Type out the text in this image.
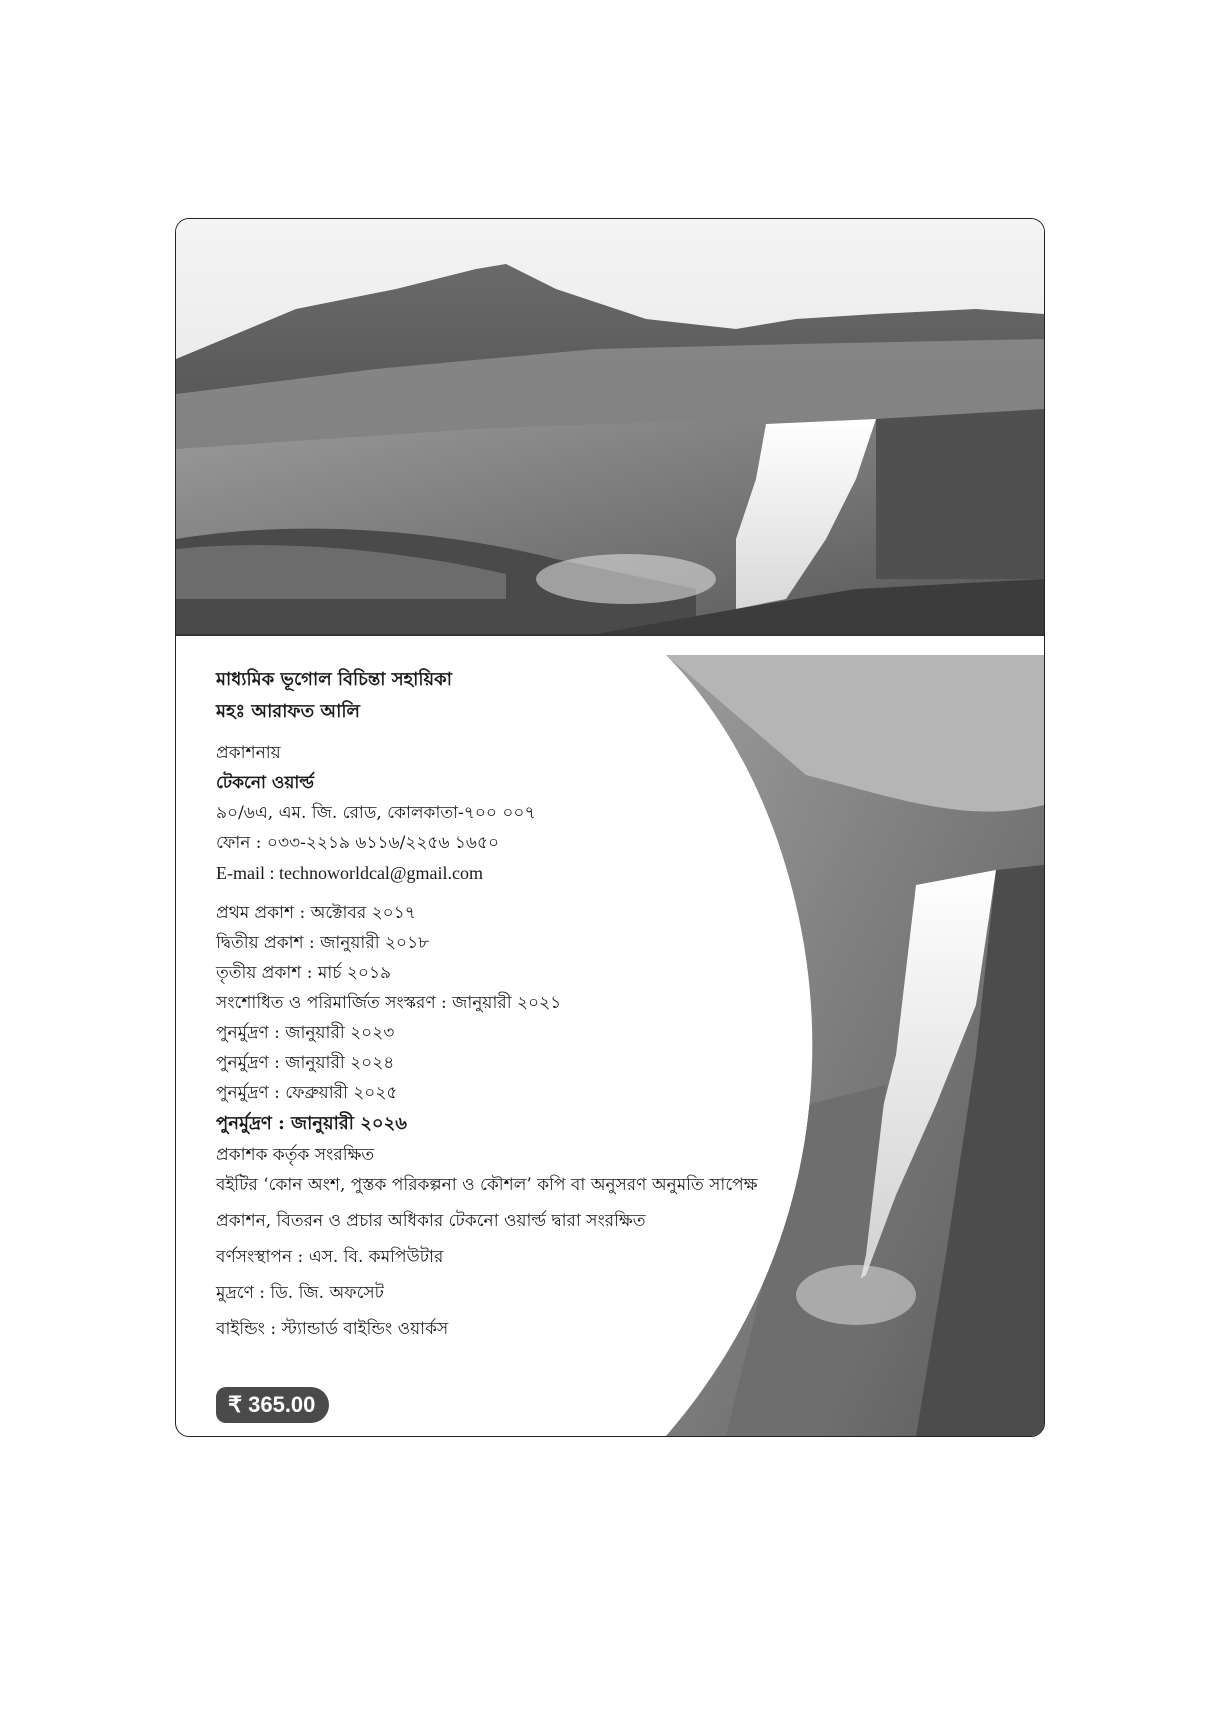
মাধ্যমিক ভূগোল বিচিন্তা সহায়িকা
মহঃ আরাফত আলি
প্রকাশনায়
টেকনো ওয়ার্ল্ড
৯০/৬এ, এম. জি. রোড, কোলকাতা-৭০০ ০০৭
ফোন : ০৩৩-২২১৯ ৬১১৬/২২৫৬ ১৬৫০
E-mail : technoworldcal@gmail.com
প্রথম প্রকাশ : অক্টোবর ২০১৭
দ্বিতীয় প্রকাশ : জানুয়ারী ২০১৮
তৃতীয় প্রকাশ : মার্চ ২০১৯
সংশোধিত ও পরিমার্জিত সংস্করণ : জানুয়ারী ২০২১
পুনর্মুদ্রণ : জানুয়ারী ২০২৩
পুনর্মুদ্রণ : জানুয়ারী ২০২৪
পুনর্মুদ্রণ : ফেব্রুয়ারী ২০২৫
পুনর্মুদ্রণ : জানুয়ারী ২০২৬
প্রকাশক কর্তৃক সংরক্ষিত
বইটির ‘কোন অংশ, পুস্তক পরিকল্পনা ও কৌশল’ কপি বা অনুসরণ অনুমতি সাপেক্ষ
প্রকাশন, বিতরন ও প্রচার অধিকার টেকনো ওয়ার্ল্ড দ্বারা সংরক্ষিত
বর্ণসংস্থাপন : এস. বি. কমপিউটার
মুদ্রণে : ডি. জি. অফসেট
বাইন্ডিং : স্ট্যান্ডার্ড বাইন্ডিং ওয়ার্কস
₹ 365.00
